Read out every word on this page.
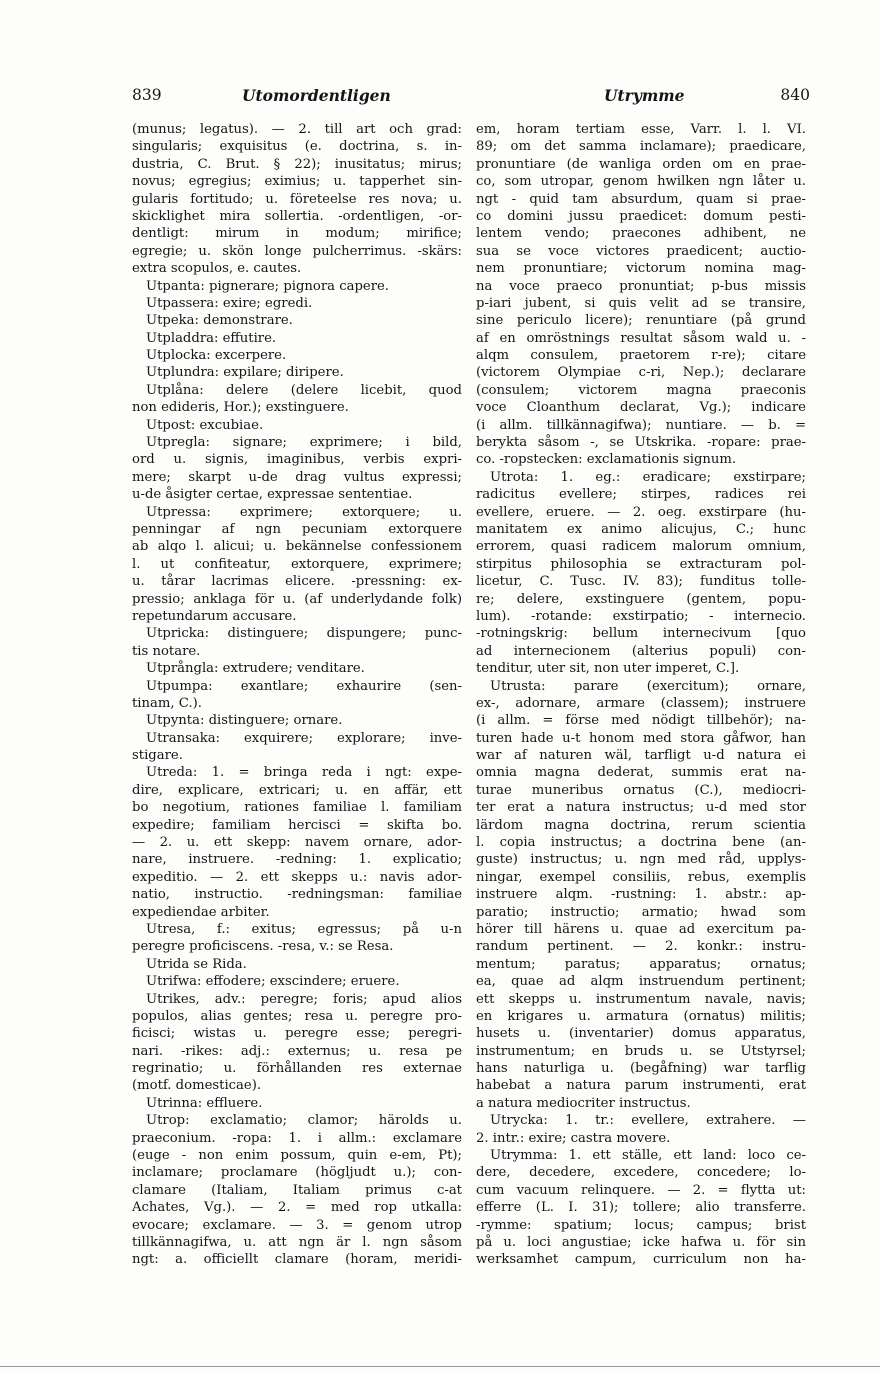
839	Utomordentligen	Utrymme	840
(munus; legatus). — 2. till art och grad:
singularis; exquisitus (e. doctrina, s. in-
dustria, C. Brut. § 22); inusitatus; mirus;
novus; egregius; eximius; u. tapperhet sin-
gularis fortitudo; u. företeelse res nova; u.
skicklighet mira sollertia. -ordentligen, -or-
dentligt: mirum in modum; mirifice;
egregie; u. skön longe pulcherrimus. -skärs:
extra scopulos, e. cautes.
Utpanta: pignerare; pignora capere.
Utpassera: exire; egredi.
Utpeka: demonstrare.
Utpladdra: effutire.
Utplocka: excerpere.
Utplundra: expilare; diripere.
Utplåna: delere (delere licebit, quod
non edideris, Hor.); exstinguere.
Utpost: excubiae.
Utpregla: signare; exprimere; i bild,
ord u. signis, imaginibus, verbis expri-
mere; skarpt u-de drag vultus expressi;
u-de åsigter certae, expressae sententiae.
Utpressa: exprimere; extorquere; u.
penningar af ngn pecuniam extorquere
ab alqo l. alicui; u. bekännelse confessionem
l. ut confiteatur, extorquere, exprimere;
u. tårar lacrimas elicere. -pressning: ex-
pressio; anklaga för u. (af underlydande folk)
repetundarum accusare.
Utpricka: distinguere; dispungere; punc-
tis notare.
Utprångla: extrudere; venditare.
Utpumpa: exantlare; exhaurire (sen-
tinam, C.).
Utpynta: distinguere; ornare.
Utransaka: exquirere; explorare; inve-
stigare.
Utreda: 1. = bringa reda i ngt: expe-
dire, explicare, extricari; u. en affär, ett
bo negotium, rationes familiae l. familiam
expedire; familiam herciscі = skifta bo.
— 2. u. ett skepp: navem ornare, ador-
nare, instruere. -redning: 1. explicatio;
expeditio. — 2. ett skepps u.: navis ador-
natio, instructio. -redningsman: familiae
expediendae arbiter.
Utresa, f.: exitus; egressus; på u-n
peregre proficiscens. -resa, v.: se Resa.
Utrida se Rida.
Utrifwa: effodere; exscindere; eruere.
Utrikes, adv.: peregre; foris; apud alios
populos, alias gentes; resa u. peregre pro-
ficisci; wistas u. peregre esse; peregri-
nari. -rikes: adj.: externus; u. resa pe
regrinatio; u. förhållanden res externae
(motf. domesticae).
Utrinna: effluere.
Utrop: exclamatio; clamor; härolds u.
praeconium. -ropa: 1. i allm.: exclamare
(euge - non enim possum, quin e-em, Pt);
inclamare; proclamare (högljudt u.); con-
clamare (Italiam, Italiam primus c-at
Achates, Vg.). — 2. = med rop utkalla:
evocare; exclamare. — 3. = genom utrop
tillkännagifwa, u. att ngn är l. ngn såsom
ngt: a. officiellt clamare (horam, meridi-
em, horam tertiam esse, Varr. l. l. VI.
89; om det samma inclamare); praedicare,
pronuntiare (de wanliga orden om en prae-
co, som utropar, genom hwilken ngn låter u.
ngt - quid tam absurdum, quam si prae-
co domini jussu praedicet: domum pesti-
lentem vendo; praecones adhibent, ne
sua se voce victores praedicent; auctio-
nem pronuntiare; victorum nomina mag-
na voce praeco pronuntiat; p-bus missis
p-iari jubent, si quis velit ad se transire,
sine periculo licere); renuntiare (på grund
af en omröstnings resultat såsom wald u. -
alqm consulem, praetorem r-re); citare
(victorem Olympiae c-ri, Nep.); declarare
(consulem; victorem magna praeconis
voce Cloanthum declarat, Vg.); indicare
(i allm. tillkännagifwa); nuntiare. — b. =
berykta såsom -, se Utskrika. -ropare: prae-
co. -ropstecken: exclamationis signum.
Utrota: 1. eg.: eradicare; exstirpare;
radicitus evellere; stirpes, radices rei
evellere, eruere. — 2. oeg. exstirpare (hu-
manitatem ex animo alicujus, C.; hunc
errorem, quasi radicem malorum omnium,
stirpitus philosophia se extracturam pol-
licetur, C. Tusc. IV. 83); funditus tolle-
re; delere, exstinguere (gentem, popu-
lum). -rotande: exstirpatio; - internecio.
-rotningskrig: bellum internecivum [quo
ad internecionem (alterius populi) con-
tenditur, uter sit, non uter imperet, C.].
Utrusta: parare (exercitum); ornare,
ex-, adornare, armare (classem); instruere
(i allm. = förse med nödigt tillbehör); na-
turen hade u-t honom med stora gåfwor, han
war af naturen wäl, tarfligt u-d natura ei
omnia magna dederat, summis erat na-
turae muneribus ornatus (C.), mediocri-
ter erat a natura instructus; u-d med stor
lärdom magna doctrina, rerum scientia
l. copia instructus; a doctrina bene (an-
guste) instructus; u. ngn med råd, upplys-
ningar, exempel consiliis, rebus, exemplis
instruere alqm. -rustning: 1. abstr.: ap-
paratio; instructio; armatio; hwad som
hörer till härens u. quae ad exercitum pa-
randum pertinent. — 2. konkr.: instru-
mentum; paratus; apparatus; ornatus;
ea, quae ad alqm instruendum pertinent;
ett skepps u. instrumentum navale, navis;
en krigares u. armatura (ornatus) militis;
husets u. (inventarier) domus apparatus,
instrumentum; en bruds u. se Utstyrsel;
hans naturliga u. (begåfning) war tarflig
habebat a natura parum instrumenti, erat
a natura mediocriter instructus.
Utrycka: 1. tr.: evellere, extrahere. —
2. intr.: exire; castra movere.
Utrymma: 1. ett ställe, ett land: loco ce-
dere, decedere, excedere, concedere; lo-
cum vacuum relinquere. — 2. = flytta ut:
efferre (L. I. 31); tollere; alio transferre.
-rymme: spatium; locus; campus; brist
på u. loci angustiae; icke hafwa u. för sin
werksamhet campum, curriculum non ha-
